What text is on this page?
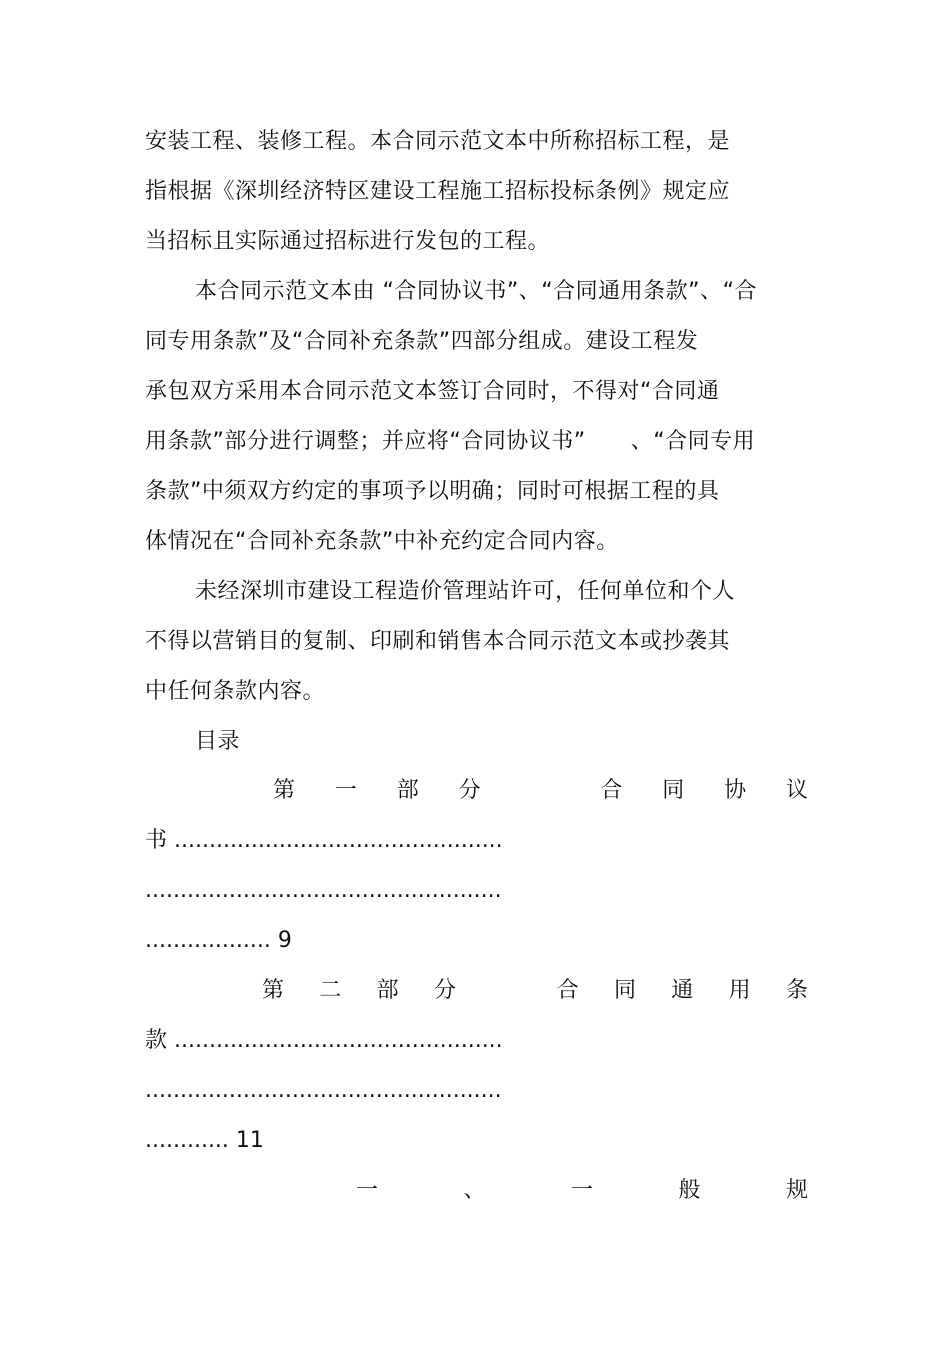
安装工程、装修工程。本合同示范文本中所称招标工程，是
指根据《深圳经济特区建设工程施工招标投标条例》规定应
当招标且实际通过招标进行发包的工程。
本合同示范文本由 “合同协议书”、“合同通用条款”、“合
同专用条款”及“合同补充条款”四部分组成。建设工程发
承包双方采用本合同示范文本签订合同时，不得对“合同通
用条款”部分进行调整；并应将“合同协议书”　　、“合同专用
条款”中须双方约定的事项予以明确；同时可根据工程的具
体情况在“合同补充条款”中补充约定合同内容。
未经深圳市建设工程造价管理站许可，任何单位和个人
不得以营销目的复制、印刷和销售本合同示范文本或抄袭其
中任何条款内容。
目录
第 一 部 分	合 同 协 议
书 ...............................................
...................................................
.................. 9
第 二 部 分	合 同 通 用 条
款 ...............................................
...................................................
............ 11
一	、	一	般	规
